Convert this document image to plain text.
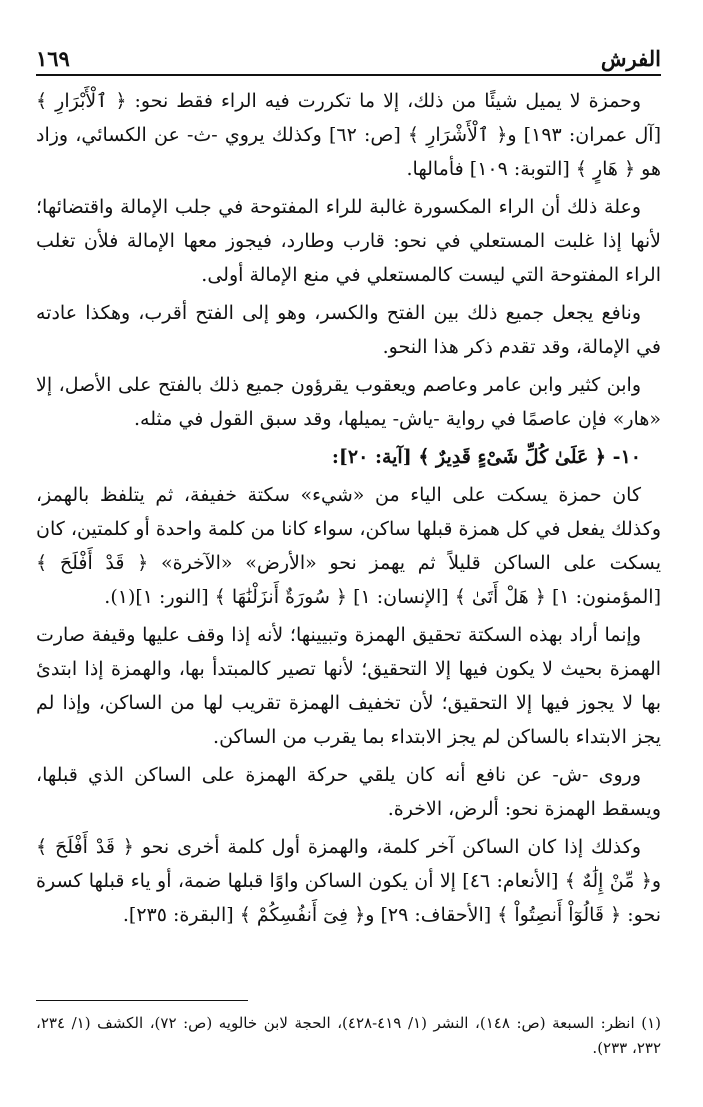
الفرش
١٦٩

وحمزة لا يميل شيئًا من ذلك، إلا ما تكررت فيه الراء فقط نحو: ﴿ ٱلْأَبْرَارِ ﴾ [آل عمران: ١٩٣] و﴿ ٱلْأَشْرَارِ ﴾ [ص: ٦٢] وكذلك يروي -ث- عن الكسائي، وزاد هو ﴿ هَارٍ ﴾ [التوبة: ١٠٩] فأمالها.

وعلة ذلك أن الراء المكسورة غالبة للراء المفتوحة في جلب الإمالة واقتضائها؛ لأنها إذا غلبت المستعلي في نحو: قارب وطارد، فيجوز معها الإمالة فلأن تغلب الراء المفتوحة التي ليست كالمستعلي في منع الإمالة أولى.

ونافع يجعل جميع ذلك بين الفتح والكسر، وهو إلى الفتح أقرب، وهكذا عادته في الإمالة، وقد تقدم ذكر هذا النحو.

وابن كثير وابن عامر وعاصم ويعقوب يقرؤون جميع ذلك بالفتح على الأصل، إلا «هار» فإن عاصمًا في رواية -ياش- يميلها، وقد سبق القول في مثله.

١٠- ﴿ عَلَىٰ كُلِّ شَىْءٍ قَدِيرٌ ﴾ [آية: ٢٠]:

كان حمزة يسكت على الياء من «شيء» سكتة خفيفة، ثم يتلفظ بالهمز، وكذلك يفعل في كل همزة قبلها ساكن، سواء كانا من كلمة واحدة أو كلمتين، كان يسكت على الساكن قليلاً ثم يهمز نحو «الأرض» «الآخرة» ﴿ قَدْ أَفْلَحَ ﴾ [المؤمنون: ١] ﴿ هَلْ أَتَىٰ ﴾ [الإنسان: ١] ﴿ سُورَةٌ أَنزَلْنَٰهَا ﴾ [النور: ١](١).

وإنما أراد بهذه السكتة تحقيق الهمزة وتبيينها؛ لأنه إذا وقف عليها وقيفة صارت الهمزة بحيث لا يكون فيها إلا التحقيق؛ لأنها تصير كالمبتدأ بها، والهمزة إذا ابتدئ بها لا يجوز فيها إلا التحقيق؛ لأن تخفيف الهمزة تقريب لها من الساكن، وإذا لم يجز الابتداء بالساكن لم يجز الابتداء بما يقرب من الساكن.

وروى -ش- عن نافع أنه كان يلقي حركة الهمزة على الساكن الذي قبلها، ويسقط الهمزة نحو: ألرض، الاخرة.

وكذلك إذا كان الساكن آخر كلمة، والهمزة أول كلمة أخرى نحو ﴿ قَدْ أَفْلَحَ ﴾ و﴿ مِّنْ إِلَٰهٌ ﴾ [الأنعام: ٤٦] إلا أن يكون الساكن واوًا قبلها ضمة، أو ياء قبلها كسرة نحو: ﴿ قَالُوٓاْ أَنصِتُواْ ﴾ [الأحقاف: ٢٩] و﴿ فِىٓ أَنفُسِكُمْ ﴾ [البقرة: ٢٣٥].

(١) انظر: السبعة (ص: ١٤٨)، النشر (١/ ٤١٩-٤٢٨)، الحجة لابن خالويه (ص: ٧٢)، الكشف (١/ ٢٣٤، ٢٣٢، ٢٣٣).
